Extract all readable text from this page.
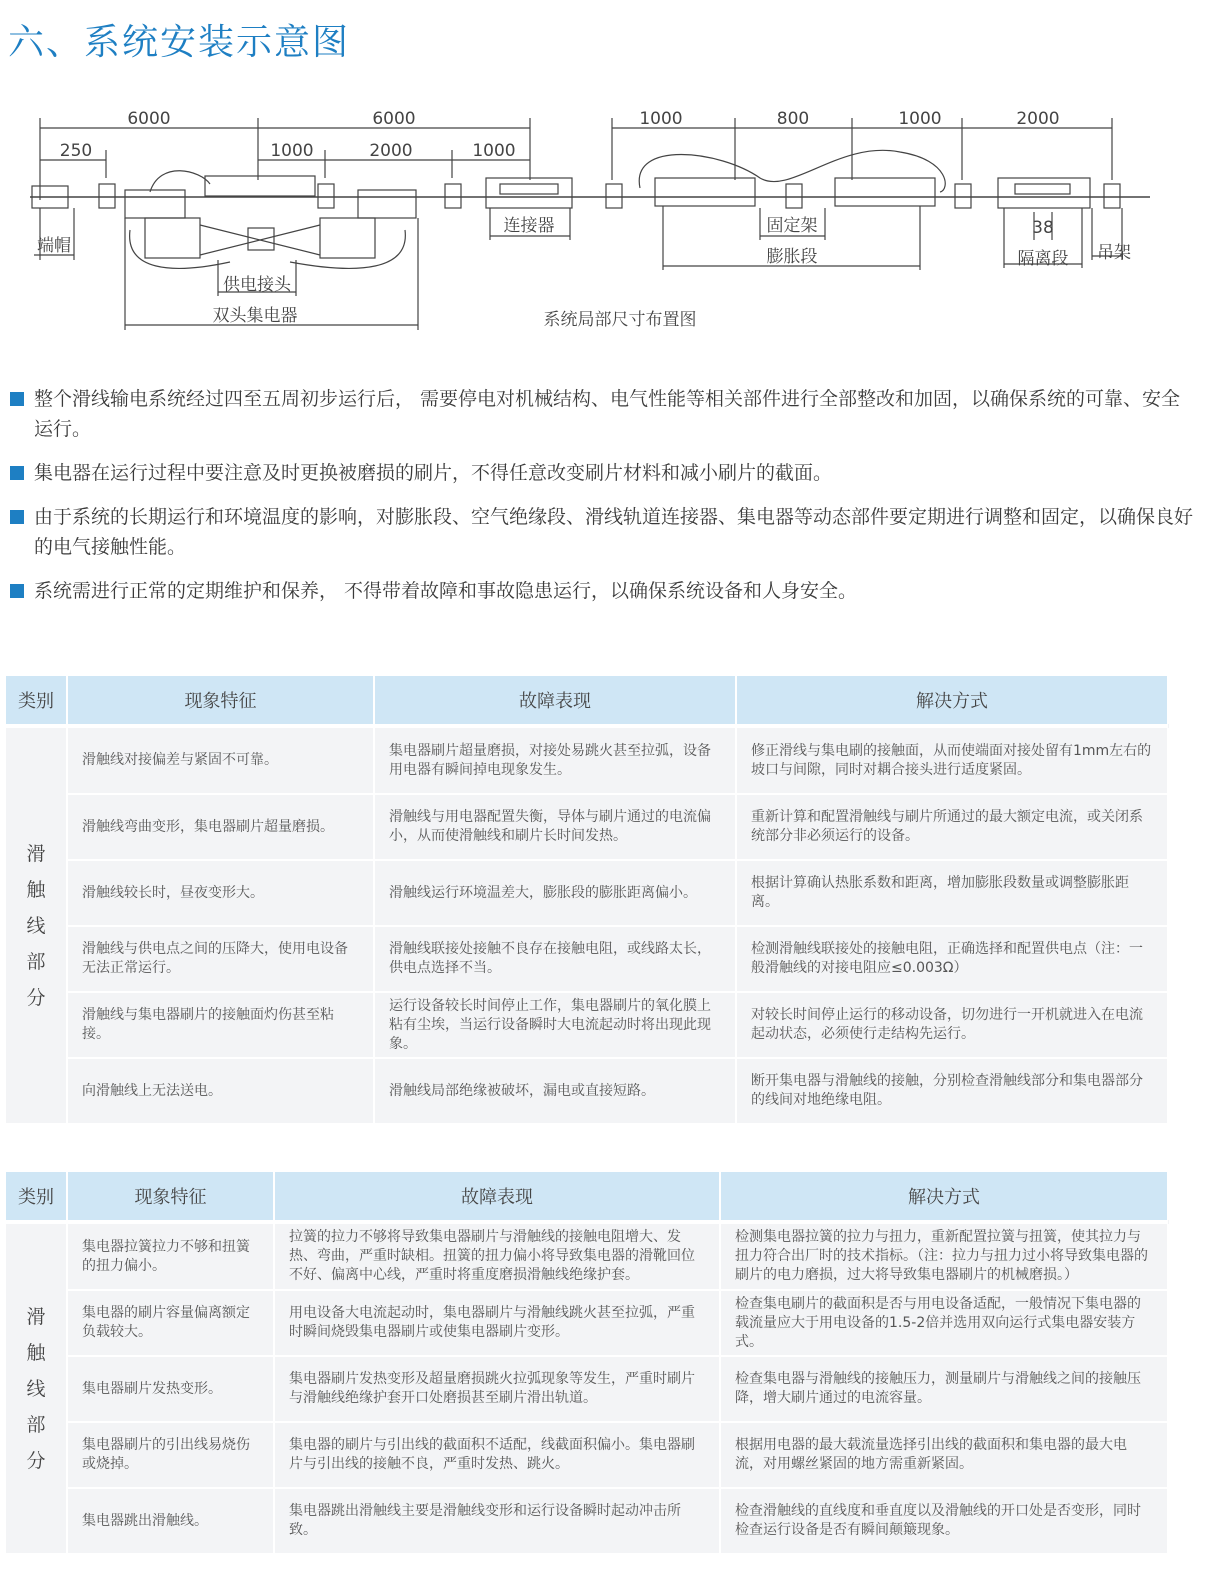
六、系统安装示意图
6000	6000	1000	800	1000	2000
250	1000	2000	1000
38
端帽
连接器	固定架
膨胀段	隔离段 吊架
供电接头
双头集电器	系统局部尺寸布置图
整个滑线输电系统经过四至五周初步运行后， 需要停电对机械结构、电气性能等相关部件进行全部整改和加固，以确保系统的可靠、安全运行。
集电器在运行过程中要注意及时更换被磨损的刷片，不得任意改变刷片材料和减小刷片的截面。
由于系统的长期运行和环境温度的影响，对膨胀段、空气绝缘段、滑线轨道连接器、集电器等动态部件要定期进行调整和固定，以确保良好的电气接触性能。
系统需进行正常的定期维护和保养， 不得带着故障和事故隐患运行，以确保系统设备和人身安全。
类别	现象特征	故障表现	解决方式

滑
触
线
部
分	滑触线对接偏差与紧固不可靠。	集电器刷片超量磨损，对接处易跳火甚至拉弧，设备用电器有瞬间掉电现象发生。	修正滑线与集电刷的接触面，从而使端面对接处留有1mm左右的坡口与间隙，同时对耦合接头进行适度紧固。
	滑触线弯曲变形，集电器刷片超量磨损。	滑触线与用电器配置失衡，导体与刷片通过的电流偏小，从而使滑触线和刷片长时间发热。	重新计算和配置滑触线与刷片所通过的最大额定电流，或关闭系统部分非必须运行的设备。
	滑触线较长时，昼夜变形大。	滑触线运行环境温差大，膨胀段的膨胀距离偏小。	根据计算确认热胀系数和距离，增加膨胀段数量或调整膨胀距离。
	滑触线与供电点之间的压降大，使用电设备无法正常运行。	滑触线联接处接触不良存在接触电阻，或线路太长，供电点选择不当。	检测滑触线联接处的接触电阻，正确选择和配置供电点（注：一般滑触线的对接电阻应≤0.003Ω）
	滑触线与集电器刷片的接触面灼伤甚至粘接。	运行设备较长时间停止工作，集电器刷片的氧化膜上粘有尘埃，当运行设备瞬时大电流起动时将出现此现象。	对较长时间停止运行的移动设备，切勿进行一开机就进入在电流起动状态，必须使行走结构先运行。
	向滑触线上无法送电。	滑触线局部绝缘被破坏，漏电或直接短路。	断开集电器与滑触线的接触，分别检查滑触线部分和集电器部分的线间对地绝缘电阻。
类别	现象特征	故障表现	解决方式

滑
触
线
部
分	集电器拉簧拉力不够和扭簧的扭力偏小。	拉簧的拉力不够将导致集电器刷片与滑触线的接触电阻增大、发热、弯曲，严重时缺相。扭簧的扭力偏小将导致集电器的滑靴回位不好、偏离中心线，严重时将重度磨损滑触线绝缘护套。	检测集电器拉簧的拉力与扭力，重新配置拉簧与扭簧，使其拉力与扭力符合出厂时的技术指标。（注：拉力与扭力过小将导致集电器的刷片的电力磨损，过大将导致集电器刷片的机械磨损。）
	集电器的刷片容量偏离额定负载较大。	用电设备大电流起动时，集电器刷片与滑触线跳火甚至拉弧，严重时瞬间烧毁集电器刷片或使集电器刷片变形。	检查集电刷片的截面积是否与用电设备适配，一般情况下集电器的载流量应大于用电设备的1.5-2倍并选用双向运行式集电器安装方式。
	集电器刷片发热变形。	集电器刷片发热变形及超量磨损跳火拉弧现象等发生，严重时刷片与滑触线绝缘护套开口处磨损甚至刷片滑出轨道。	检查集电器与滑触线的接触压力，测量刷片与滑触线之间的接触压降，增大刷片通过的电流容量。
	集电器刷片的引出线易烧伤或烧掉。	集电器的刷片与引出线的截面积不适配，线截面积偏小。集电器刷片与引出线的接触不良，严重时发热、跳火。	根据用电器的最大载流量选择引出线的截面积和集电器的最大电流，对用螺丝紧固的地方需重新紧固。
	集电器跳出滑触线。	集电器跳出滑触线主要是滑触线变形和运行设备瞬时起动冲击所致。	检查滑触线的直线度和垂直度以及滑触线的开口处是否变形，同时检查运行设备是否有瞬间颠簸现象。
